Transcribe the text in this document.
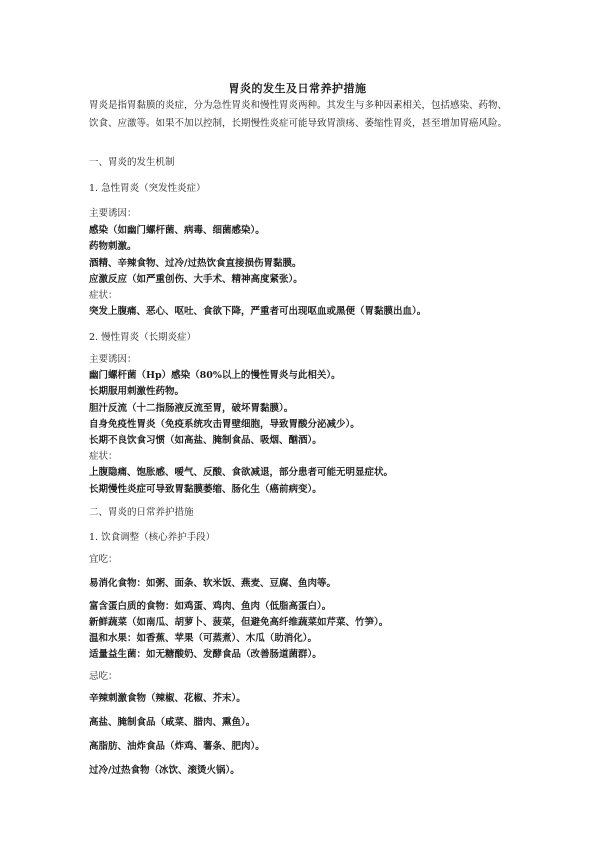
胃炎的发生及日常养护措施
胃炎是指胃黏膜的炎症，分为急性胃炎和慢性胃炎两种。其发生与多种因素相关，包括感染、药物、饮食、应激等。如果不加以控制，长期慢性炎症可能导致胃溃疡、萎缩性胃炎，甚至增加胃癌风险。
一、胃炎的发生机制
1. 急性胃炎（突发性炎症）
主要诱因：
感染（如幽门螺杆菌、病毒、细菌感染）。
药物刺激。
酒精、辛辣食物、过冷/过热饮食直接损伤胃黏膜。
应激反应（如严重创伤、大手术、精神高度紧张）。
症状：
突发上腹痛、恶心、呕吐、食欲下降，严重者可出现呕血或黑便（胃黏膜出血）。
2. 慢性胃炎（长期炎症）
主要诱因：
幽门螺杆菌（Hp）感染（80%以上的慢性胃炎与此相关）。
长期服用刺激性药物。
胆汁反流（十二指肠液反流至胃，破坏胃黏膜）。
自身免疫性胃炎（免疫系统攻击胃壁细胞，导致胃酸分泌减少）。
长期不良饮食习惯（如高盐、腌制食品、吸烟、酗酒）。
症状：
上腹隐痛、饱胀感、嗳气、反酸、食欲减退，部分患者可能无明显症状。
长期慢性炎症可导致胃黏膜萎缩、肠化生（癌前病变）。
二、胃炎的日常养护措施
1. 饮食调整（核心养护手段）
宜吃：
易消化食物：如粥、面条、软米饭、燕麦、豆腐、鱼肉等。
富含蛋白质的食物：如鸡蛋、鸡肉、鱼肉（低脂高蛋白）。
新鲜蔬菜（如南瓜、胡萝卜、菠菜，但避免高纤维蔬菜如芹菜、竹笋）。
温和水果：如香蕉、苹果（可蒸煮）、木瓜（助消化）。
适量益生菌：如无糖酸奶、发酵食品（改善肠道菌群）。
忌吃：
辛辣刺激食物（辣椒、花椒、芥末）。
高盐、腌制食品（咸菜、腊肉、熏鱼）。
高脂肪、油炸食品（炸鸡、薯条、肥肉）。
过冷/过热食物（冰饮、滚烫火锅）。
